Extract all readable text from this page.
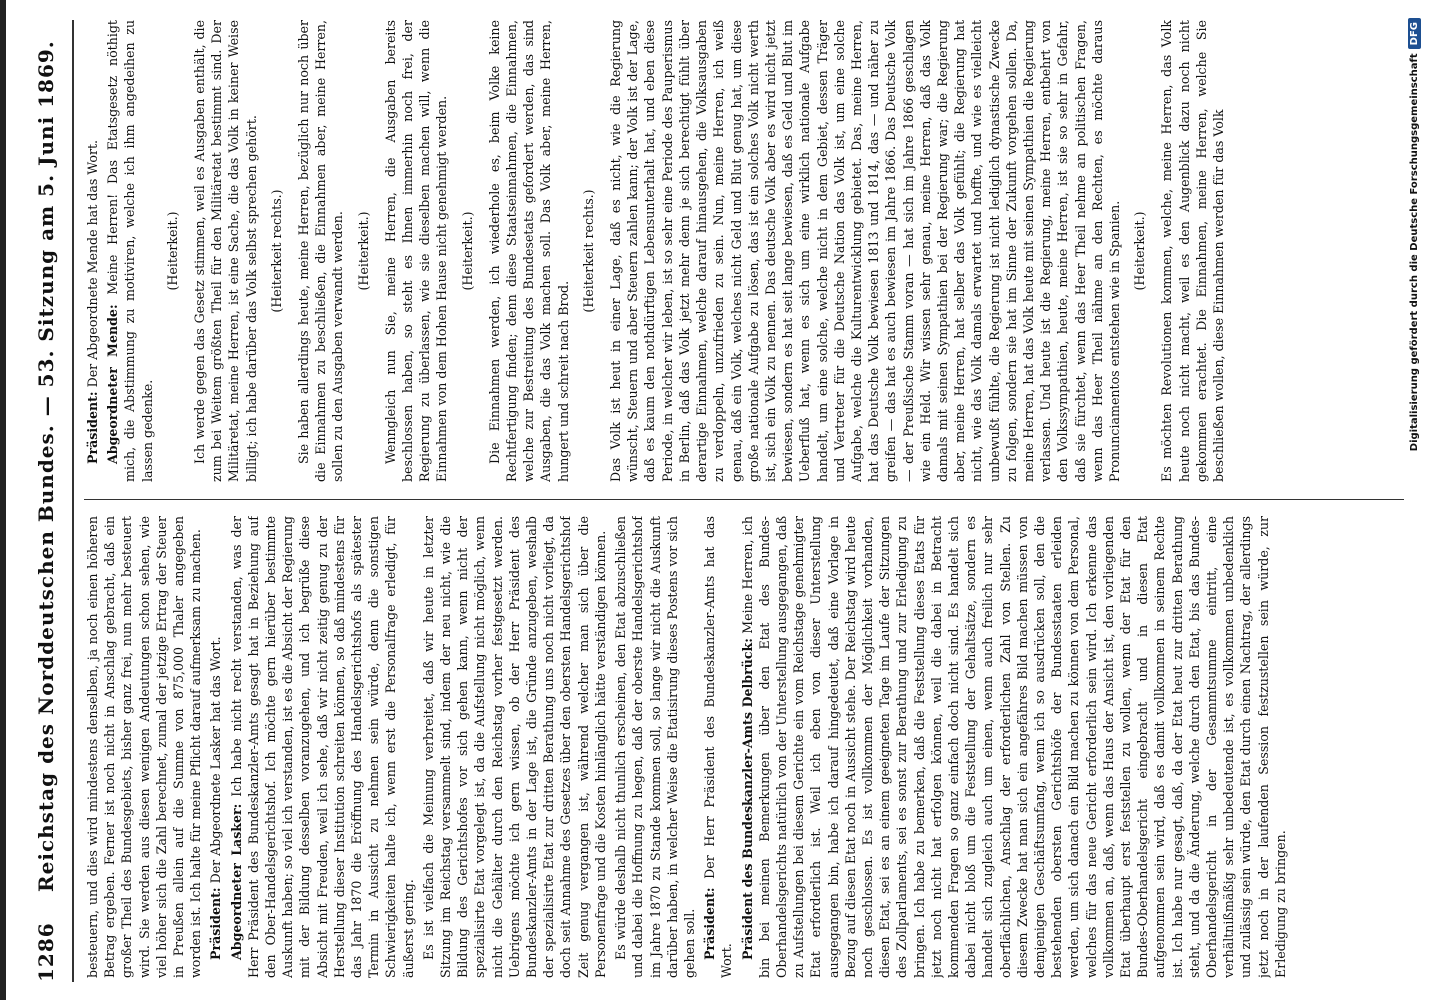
1286
Reichstag des Norddeutschen Bundes. — 53. Sitzung am 5. Juni 1869. besteuern, und dies wird mindestens denselben, ja noch einen höheren Betrag ergeben. Ferner ist noch nicht in Anschlag gebracht, daß ein großer Theil des Bundesgebiets, bisher ganz frei, nun mehr besteuert wird. Sie werden aus diesen wenigen Andeutungen schon sehen, wie viel höher sich die Zahl berechnet, zumal der jetzige Ertrag der Steuer in Preußen allein auf die Summe von 875,000 Thaler angegeben worden ist. Ich halte für meine Pflicht darauf aufmerksam zu machen. Präsident: Der Abgeordnete Lasker hat das Wort. Abgeordneter Lasker: Ich habe nicht recht verstanden, was der Herr Präsident des Bundeskanzler-Amts gesagt hat in Beziehung auf den Ober-Handelsgerichtshof. Ich möchte gern hierüber bestimmte Auskunft haben; so viel ich verstanden, ist es die Absicht der Regierung mit der Bildung desselben voranzugehen, und ich begrüße diese Absicht mit Freuden, weil ich sehe, daß wir nicht zeitig genug zu der Herstellung dieser Institution schreiten können, so daß mindestens für das Jahr 1870 die Eröffnung des Handelsgerichtshofs als spätester Termin in Aussicht zu nehmen sein würde, denn die sonstigen Schwierigkeiten halte ich, wenn erst die Personalfrage erledigt, für äußerst gering. Es ist vielfach die Meinung verbreitet, daß wir heute in letzter Sitzung im Reichstag versammelt sind, indem der neu nicht, wie die Bildung des Gerichtshofes vor sich gehen kann, wenn nicht der spezialisirte Etat vorgelegt ist, da die Aufstellung nicht möglich, wenn nicht die Gehälter durch den Reichstag vorher festgesetzt werden. Uebrigens möchte ich gern wissen, ob der Herr Präsident des Bundeskanzler-Amts in der Lage ist, die Gründe anzugeben, weshalb der spezialisirte Etat zur dritten Berathung uns noch nicht vorliegt, da doch seit Annahme des Gesetzes über den obersten Handelsgerichtshof Zeit genug vergangen ist, während welcher man sich über die Personenfrage und die Kosten hinlänglich hätte verständigen können. Es würde deshalb nicht thunlich erscheinen, den Etat abzuschließen und dabei die Hoffnung zu hegen, daß der oberste Handelsgerichtshof im Jahre 1870 zu Stande kommen soll, so lange wir nicht die Auskunft darüber haben, in welcher Weise die Etatisirung dieses Postens vor sich gehen soll. Präsident: Der Herr Präsident des Bundeskanzler-Amts hat das Wort.

Präsident des Bundeskanzler-Amts Delbrück: Meine Herren, ich bin bei meinen Bemerkungen über den Etat des Bundes-Oberhandelsgerichts natürlich von der Unterstellung ausgegangen, daß zu Aufstellungen bei diesem Gerichte ein vom Reichstage genehmigter Etat erforderlich ist. Weil ich eben von dieser Unterstellung ausgegangen bin, habe ich darauf hingedeutet, daß eine Vorlage in Bezug auf diesen Etat noch in Aussicht stehe. Der Reichstag wird heute noch geschlossen. Es ist vollkommen der Möglichkeit vorhanden, diesen Etat, sei es an einem geeigneten Tage im Laufe der Sitzungen des Zollparlaments, sei es sonst zur Berathung und zur Erledigung zu bringen. Ich habe zu bemerken, daß die Feststellung dieses Etats für jetzt noch nicht hat erfolgen können, weil die dabei in Betracht kommenden Fragen so ganz einfach doch nicht sind. Es handelt sich dabei nicht bloß um die Feststellung der Gehaltsätze, sondern es handelt sich zugleich auch um einen, wenn auch freilich nur sehr oberflächlichen, Anschlag der erforderlichen Zahl von Stellen. Zu diesem Zwecke hat man sich ein angefähres Bild machen müssen von demjenigen Geschäftsumfang, wenn ich so ausdrücken soll, den die bestehenden obersten Gerichtshöfe der Bundesstaaten erleiden werden, um sich danach ein Bild machen zu können von dem Personal, welches für das neue Gericht erforderlich sein wird. Ich erkenne das vollkommen an, daß, wenn das Haus der Ansicht ist, den vorliegenden Etat überhaupt erst feststellen zu wollen, wenn der Etat für den Bundes-Oberhandelsgericht eingebracht und in diesen Etat aufgenommen sein wird, daß es damit vollkommen in seinem Rechte ist. Ich habe nur gesagt, daß, da der Etat heut zur dritten Berathung steht, und da die Änderung, welche durch den Etat, bis das Bundes-Oberhandelsgericht in der Gesammtsumme eintritt, eine verhältnißmäßig sehr unbedeutende ist, es vollkommen unbedenklich und zulässig sein würde, den Etat durch einen Nachtrag, der allerdings jetzt noch in der laufenden Session festzustellen sein würde, zur Erledigung zu bringen.

Präsident: Der Abgeordnete Mende hat das Wort. Abgeordneter Mende: Meine Herren! Das Etatsgesetz nöthigt mich, die Abstimmung zu motiviren, welche ich ihm angedeihen zu lassen gedenke.

(Heiterkeit.) Ich werde gegen das Gesetz stimmen, weil es Ausgaben enthält, die zum bei Weitem größten Theil für den Militäretat bestimmt sind. Der Militäretat, meine Herren, ist eine Sache, die das Volk in keiner Weise billigt; ich habe darüber das Volk selbst sprechen gehört. (Heiterkeit rechts.) Sie haben allerdings heute, meine Herren, bezüglich nur noch über die Einnahmen zu beschließen, die Einnahmen aber, meine Herren, sollen zu den Ausgaben verwandt werden. (Heiterkeit.) Wenngleich nun Sie, meine Herren, die Ausgaben bereits beschlossen haben, so steht es Ihnen immerhin noch frei, der Regierung zu überlassen, wie sie dieselben machen will, wenn die Einnahmen von dem Hohen Hause nicht genehmigt werden. (Heiterkeit.) Die Einnahmen werden, ich wiederhole es, beim Volke keine Rechtfertigung finden; denn diese Staatseinnahmen, die Einnahmen, welche zur Bestreitung des Bundesetats gefordert werden, das sind Ausgaben, die das Volk machen soll. Das Volk aber, meine Herren, hungert und schreit nach Brod.

(Heiterkeit rechts.) Das Volk ist heut in einer Lage, daß es nicht, wie die Regierung wünscht, Steuern und aber Steuern zahlen kann; der Volk ist der Lage, daß es kaum den nothdürftigen Lebensunterhalt hat, und eben diese Periode, in welcher wir leben, ist so sehr eine Periode des Pauperismus in Berlin, daß das Volk jetzt mehr denn je sich berechtigt fühlt über derartige Einnahmen, welche darauf hinausgehen, die Volksausgaben zu verdoppeln, unzufrieden zu sein. Nun, meine Herren, ich weiß genau, daß ein Volk, welches nicht Geld und Blut genug hat, um diese große nationale Aufgabe zu lösen, das ist ein solches Volk nicht werth ist, sich ein Volk zu nennen. Das deutsche Volk aber es wird nicht jetzt bewiesen, sondern es hat seit lange bewiesen, daß es Geld und Blut im Ueberfluß hat, wenn es sich um eine wirklich nationale Aufgabe handelt, um eine solche, welche nicht in dem Gebiet, dessen Träger und Vertreter für die Deutsche Nation das Volk ist, um eine solche Aufgabe, welche die Kulturentwicklung gebietet. Das, meine Herren, hat das Deutsche Volk bewiesen 1813 und 1814, das — und näher zu greifen — das hat es auch bewiesen im Jahre 1866. Das Deutsche Volk — der Preußische Stamm voran — hat sich im Jahre 1866 geschlagen wie ein Held. Wir wissen sehr genau, meine Herren, daß das Volk damals mit seinen Sympathien bei der Regierung war; die Regierung aber, meine Herren, hat selber das Volk gefühlt; die Regierung hat nicht, wie das Volk damals erwartet und hoffte, und wie es vielleicht unbewußt fühlte, die Regierung ist nicht lediglich dynastische Zwecke zu folgen, sondern sie hat im Sinne der Zukunft vorgehen sollen. Da, meine Herren, hat das Volk heute mit seinen Sympathien die Regierung verlassen. Und heute ist die Regierung, meine Herren, entbehrt von den Volkssympathien, heute, meine Herren, ist sie so sehr in Gefahr, daß sie fürchtet, wenn das Heer Theil nehme an politischen Fragen, wenn das Heer Theil nähme an den Rechten, es möchte daraus Pronunciamentos entstehen wie in Spanien. (Heiterkeit.) Es möchten Revolutionen kommen, welche, meine Herren, das Volk heute noch nicht macht, weil es den Augenblick dazu noch nicht gekommen erachtet. Die Einnahmen, meine Herren, welche Sie beschließen wollen, diese Einnahmen werden für das Volk	Digitalisierung gefördert durch die Deutsche ForschungsgemeinschaftDFG
